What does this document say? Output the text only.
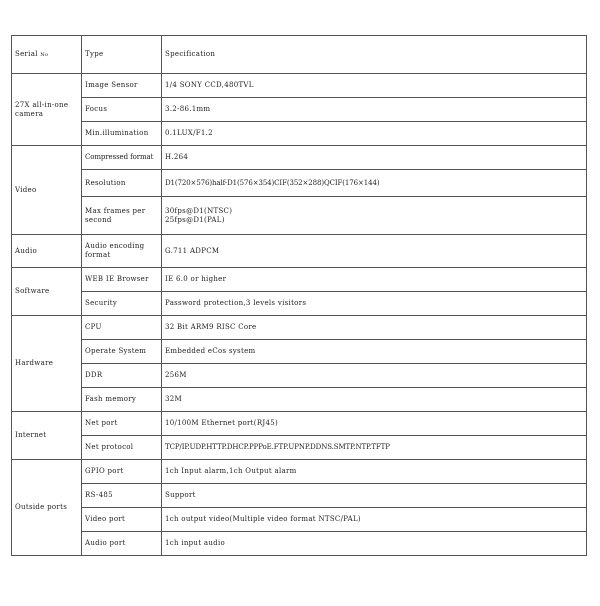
Serial No	Type	Specification
27X all-in-one camera	Image Sensor	1/4 SONY CCD,480TVL
	Focus	3.2-86.1mm
	Min.illumination	0.1LUX/F1.2
Video	Compressed format	H.264
	Resolution	D1(720×576)half-D1(576×354)CIF(352×288)QCIF(176×144)
	Max frames per second	30fps@D1(NTSC)
25fps@D1(PAL)

Audio	Audio encoding format	G.711 ADPCM
Software	WEB IE Browser	IE 6.0 or higher
	Security	Password protection,3 levels visitors
Hardware	CPU	32 Bit ARM9 RISC Core
	Operate System	Embedded eCos system
	DDR	256M
	Fash memory	32M
Internet	Net port	10/100M Ethernet port(RJ45)
	Net protocol	TCP/IP.UDP.HTTP.DHCP.PPPoE.FTP.UPNP.DDNS.SMTP.NTP.TFTP
Outside ports	GPIO port	1ch Input alarm,1ch Output alarm
	RS-485	Support
	Video port	1ch output video(Multiple video format NTSC/PAL)
	Audio port	1ch input audio
